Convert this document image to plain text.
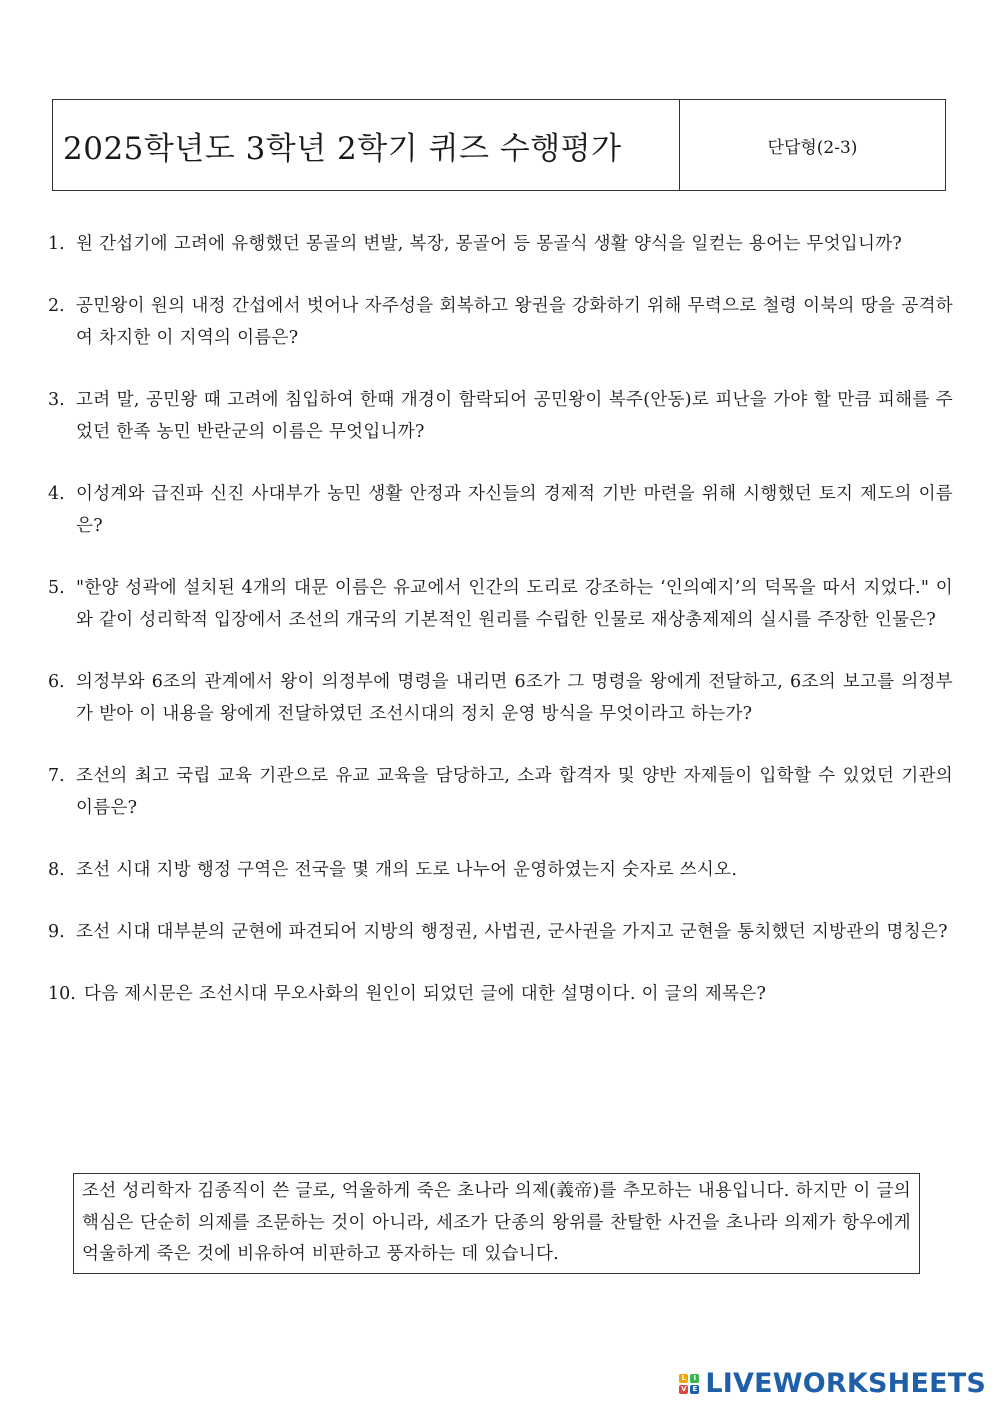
2025학년도 3학년 2학기 퀴즈 수행평가	단답형(2-3)
1. 원 간섭기에 고려에 유행했던 몽골의 변발, 복장, 몽골어 등 몽골식 생활 양식을 일컫는 용어는 무엇입니까?
2. 공민왕이 원의 내정 간섭에서 벗어나 자주성을 회복하고 왕권을 강화하기 위해 무력으로 철령 이북의 땅을 공격하여 차지한 이 지역의 이름은?
3. 고려 말, 공민왕 때 고려에 침입하여 한때 개경이 함락되어 공민왕이 복주(안동)로 피난을 가야 할 만큼 피해를 주었던 한족 농민 반란군의 이름은 무엇입니까?
4. 이성계와 급진파 신진 사대부가 농민 생활 안정과 자신들의 경제적 기반 마련을 위해 시행했던 토지 제도의 이름은?
5. "한양 성곽에 설치된 4개의 대문 이름은 유교에서 인간의 도리로 강조하는 ‘인의예지’의 덕목을 따서 지었다." 이와 같이 성리학적 입장에서 조선의 개국의 기본적인 원리를 수립한 인물로 재상총제제의 실시를 주장한 인물은?
6. 의정부와 6조의 관계에서 왕이 의정부에 명령을 내리면 6조가 그 명령을 왕에게 전달하고, 6조의 보고를 의정부가 받아 이 내용을 왕에게 전달하였던 조선시대의 정치 운영 방식을 무엇이라고 하는가?
7. 조선의 최고 국립 교육 기관으로 유교 교육을 담당하고, 소과 합격자 및 양반 자제들이 입학할 수 있었던 기관의 이름은?
8. 조선 시대 지방 행정 구역은 전국을 몇 개의 도로 나누어 운영하였는지 숫자로 쓰시오.
9. 조선 시대 대부분의 군현에 파견되어 지방의 행정권, 사법권, 군사권을 가지고 군현을 통치했던 지방관의 명칭은?
10. 다음 제시문은 조선시대 무오사화의 원인이 되었던 글에 대한 설명이다. 이 글의 제목은?
조선 성리학자 김종직이 쓴 글로, 억울하게 죽은 초나라 의제(義帝)를 추모하는 내용입니다. 하지만 이 글의 핵심은 단순히 의제를 조문하는 것이 아니라, 세조가 단종의 왕위를 찬탈한 사건을 초나라 의제가 항우에게 억울하게 죽은 것에 비유하여 비판하고 풍자하는 데 있습니다.
L	I
V E LIVEWORKSHEETS
